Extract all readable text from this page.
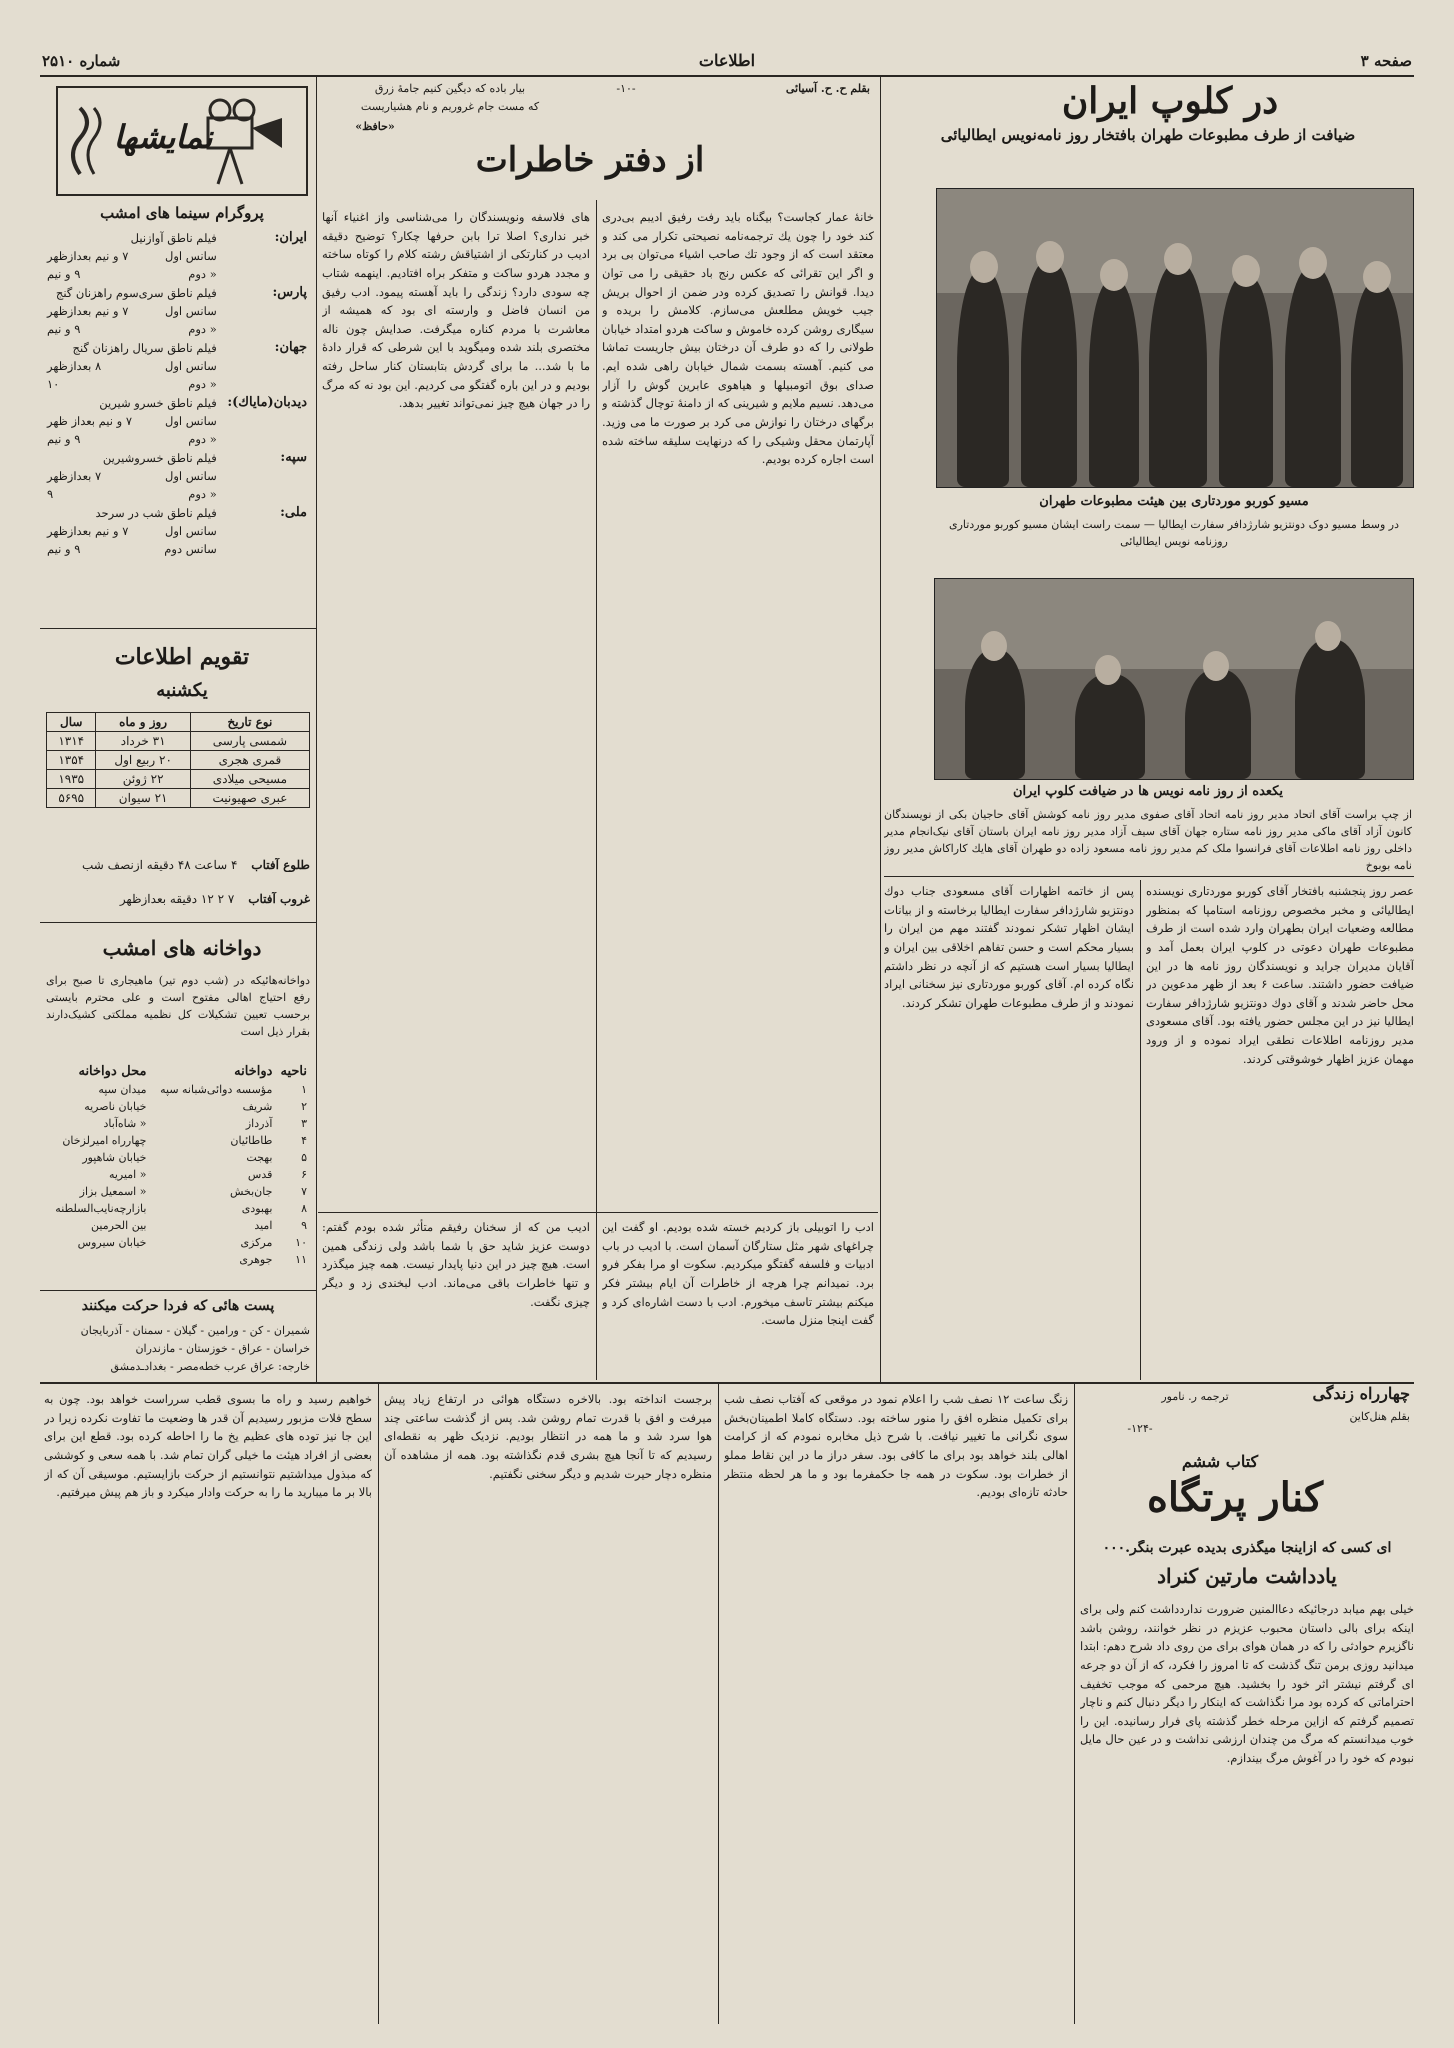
صفحه ۳
اطلاعات
شماره ۲۵۱۰
در کلوپ ایران
ضیافت از طرف مطبوعات طهران بافتخار روز نامه‌نویس ایطالیائی
مسیو کوربو موردتاری بین هیئت مطبوعات طهران
در وسط مسیو دوک دونتزیو شارژدافر سفارت ایطالیا — سمت راست ایشان مسیو کوربو موردتاری روزنامه نویس ایطالیائی
یکعده از روز نامه نویس ها در ضیافت کلوپ ایران
از چپ براست آقای اتحاد مدیر روز نامه اتحاد آقای صفوی مدیر روز نامه کوشش آقای حاجیان بکی از نویسندگان کانون آزاد آقای ماکی مدیر روز نامه ستاره جهان آقای سیف آزاد مدیر روز نامه ایران باستان آقای نیک‌انجام مدیر داخلی روز نامه اطلاعات آقای فرانسوا ملک کم مدیر روز نامه مسعود زاده دو طهران آقای هایك کاراکاش مدیر روز نامه بوبوخ
عصر روز پنجشنبه بافتخار آقای کوربو موردتاری نویسنده ایطالیائی و مخبر مخصوص روزنامه استامپا که بمنظور مطالعه وضعیات ایران بطهران وارد شده است از طرف مطبوعات طهران دعوتی در کلوپ ایران بعمل آمد و آقایان مدیران جراید و نویسندگان روز نامه ها در این ضیافت حضور داشتند. ساعت ۶ بعد از ظهر مدعوین در محل حاضر شدند و آقای دوك دونتزیو شارژدافر سفارت ایطالیا نیز در این مجلس حضور یافته بود. آقای مسعودی مدیر روزنامه اطلاعات نطقی ایراد نموده و از ورود مهمان عزیز اظهار خوشوقتی کردند.
پس از خاتمه اظهارات آقای مسعودی جناب دوك دونتزیو شارژدافر سفارت ایطالیا برخاسته و از بیانات ایشان اظهار تشکر نمودند گفتند مهم من ایران را بسیار محکم است و حسن تفاهم اخلاقی بین ایران و ایطالیا بسیار است هستیم که از آنچه در نظر داشتم نگاه کرده ام. آقای کوربو موردتاری نیز سخنانی ایراد نمودند و از طرف مطبوعات طهران تشکر کردند.
بیار باده که دیگین کنیم جامهٔ زرق
که مست جام غروریم و نام هشیاریست
«حافظ»
-۱۰-	بقلم ح. ح. آسیائی
از دفتر خاطرات
خانهٔ عمار کجاست؟ بیگناه باید رفت رفیق ادیبم بی‌دری کند خود را چون یك ترجمه‌نامه نصیحتی تکرار می کند و معتقد است که از وجود تك صاحب اشیاء می‌توان بی برد و اگر این تقرائی که عکس رنج باد حقیقی را می توان دیدا. قوانش را تصدیق کرده ودر ضمن از احوال بریش جیب خویش مطلعش می‌سازم. کلامش را بریده و سیگاری روشن کرده خاموش و ساکت هردو امتداد خیابان طولانی را که دو طرف آن درختان بیش جاریست تماشا می کنیم. آهسته بسمت شمال خیابان راهی شده ایم. صدای بوق اتومبیلها و هیاهوی عابرین گوش را آزار می‌دهد. نسیم ملایم و شیرینی که از دامنهٔ توچال گذشته و برگهای درختان را نوازش می کرد بر صورت ما می وزید. آپارتمان محقل وشیکی را که درنهایت سلیقه ساخته شده است اجاره کرده بودیم.
های فلاسفه ونویسندگان را می‌شناسی واز اغنیاء آنها خبر نداری؟ اصلا ترا بابن حرفها چکار؟ توضیح دقیقه ادیب در کنارتکی از اشتیاقش رشته کلام را کوتاه ساخته و مجدد هردو ساکت و متفکر براه افتادیم. اینهمه شتاب چه سودی دارد؟ زندگی را باید آهسته پیمود. ادب رفیق من انسان فاضل و وارسته ای بود که همیشه از معاشرت با مردم کناره میگرفت. صدایش چون ناله مختصری بلند شده ومیگوید با این شرطی که قرار دادهٔ ما با شد... ما برای گردش بتابستان کنار ساحل رفته بودیم و در این باره گفتگو می کردیم. این بود نه که مرگ را در جهان هیچ چیز نمی‌تواند تغییر بدهد.
ادب را اتوبیلی باز کردیم خسته شده بودیم. او گفت این چراغهای شهر مثل ستارگان آسمان است. با ادیب در باب ادبیات و فلسفه گفتگو میکردیم. سکوت او مرا بفکر فرو برد. نمیدانم چرا هرچه از خاطرات آن ایام بیشتر فکر میکنم بیشتر تاسف میخورم. ادب با دست اشاره‌ای کرد و گفت اینجا منزل ماست.
ادیب من که از سخنان رفیقم متأثر شده بودم گفتم: دوست عزیز شاید حق با شما باشد ولی زندگی همین است. هیچ چیز در این دنیا پایدار نیست. همه چیز میگذرد و تنها خاطرات باقی می‌ماند. ادب لبخندی زد و دیگر چیزی نگفت.
نمایشها
پروگرام سینما های امشب
ایران:	فیلم ناطق آوازنیل	
	سانس اول	۷ و نیم بعدازظهر
	« دوم	۹ و نیم
پارس:	فیلم ناطق سری‌سوم راهزنان گنج	
	سانس اول	۷ و نیم بعدازظهر
	« دوم	۹ و نیم
جهان:	فیلم ناطق سریال راهزنان گنج	
	سانس اول	۸ بعدازظهر
	« دوم	۱۰
دیدبان(مایاك):	فیلم ناطق خسرو شیرین	
	سانس اول	۷ و نیم بعداز ظهر
	« دوم	۹ و نیم
سپه:	فیلم ناطق خسروشیرین	
	سانس اول	۷ بعدازظهر
	« دوم	۹
ملی:	فیلم ناطق شب در سرحد	
	سانس اول	۷ و نیم بعدازظهر
	سانس دوم	۹ و نیم
تقویم اطلاعات
یکشنبه
نوع تاریخ	روز و ماه	سال
شمسی پارسی	۳۱ خرداد	۱۳۱۴
قمری هجری	۲۰ ربیع اول	۱۳۵۴
مسیحی میلادی	۲۲ ژوئن	۱۹۳۵
عبری صهیونیت	۲۱ سیوان	۵۶۹۵
طلوع آفتاب ۴ ساعت ۴۸ دقیقه ازنصف شب
غروب آفتاب ۷ ۲ ۱۲ دقیقه بعدازظهر
دواخانه های امشب
دواخانه‌هائیکه در (شب دوم تیر) ماهیجاری تا صبح برای رفع احتیاج اهالی مفتوح است و علی محترم بایستی برحسب تعیین تشکیلات کل نظمیه مملکتی کشیک‌دارند بقرار ذیل است
ناحیه	دواخانه	محل دواخانه
۱	مؤسسه دوائی‌شبانه سپه	میدان سپه
۲	شریف	خیابان ناصریه
۳	آذرداز	« شاه‌آباد
۴	طاطائیان	چهارراه امیرلزخان
۵	بهجت	خیابان شاهپور
۶	قدس	« امیریه
۷	جان‌بخش	« اسمعیل بزاز
۸	بهبودی	بازارچه‌نایب‌السلطنه
۹	امید	بین الحرمین
۱۰	مرکزی	خیابان سیروس
۱۱	جوهری	
پست هائی که فردا حرکت میکنند
شمیران - کن - ورامین - گیلان - سمنان - آذربایجان
خراسان - عراق - خوزستان - مازندران
خارجه: عراق عرب خطه‌مصر - بغدادـدمشق
چهارراه زندگی
ترجمه ر. نامور
بقلم هنل‌کاین
-۱۲۴-
کتاب ششم
کنار پرتگاه
ای کسی که ازاینجا میگذری بدیده عبرت بنگر.۰۰۰
یادداشت مارتین کنراد
خیلی بهم میابد درجائیکه دعاالمنین ضرورت نداردداشت کنم ولی برای اینکه برای بالی داستان محبوب عزیزم در نظر خوانند، روشن باشد ناگزیرم حوادثی را که در همان هوای برای من روی داد شرح دهم: ابتدا میدانید روزی برمن تنگ گذشت که تا امروز را فکرد، که از آن دو جرعه ای گرفتم نیشتر اثر خود را بخشید. هیچ مرحمی که موجب تخفیف احتراماتی که کرده بود مرا نگذاشت که اینکار را دیگر دنبال کنم و ناچار تصمیم گرفتم که ازاین مرحله خطر گذشته پای فرار رسانیده. این را خوب میدانستم که مرگ من چندان ارزشی نداشت و در عین حال مایل نبودم که خود را در آغوش مرگ بیندازم.
زنگ ساعت ۱۲ نصف شب را اعلام نمود در موقعی که آفتاب نصف شب برای تکمیل منظره افق را منور ساخته بود. دستگاه کاملا اطمینان‌بخش سوی نگرانی ما تغییر نیافت. با شرح ذیل مخابره نمودم که از کرامت اهالی بلند خواهد بود برای ما کافی بود. سفر دراز ما در این نقاط مملو از خطرات بود. سکوت در همه جا حکمفرما بود و ما هر لحظه منتظر حادثه تازه‌ای بودیم.
برجست انداخته بود. بالاخره دستگاه هوائی در ارتفاع زیاد پیش میرفت و افق با قدرت تمام روشن شد. پس از گذشت ساعتی چند هوا سرد شد و ما همه در انتظار بودیم. نزدیک ظهر به نقطه‌ای رسیدیم که تا آنجا هیچ بشری قدم نگذاشته بود. همه از مشاهده آن منظره دچار حیرت شدیم و دیگر سخنی نگفتیم.
خواهیم رسید و راه ما بسوی قطب سرراست خواهد بود. چون به سطح فلات مزبور رسیدیم آن قدر ها وضعیت ما تفاوت نکرده زیرا در این جا نیز توده های عظیم یخ ما را احاطه کرده بود. قطع این برای بعضی از افراد هیئت ما خیلی گران تمام شد. با همه سعی و کوششی که مبذول میداشتیم نتوانستیم از حرکت بازایستیم. موسیقی آن که از بالا بر ما میبارید ما را به حرکت وادار میکرد و باز هم پیش میرفتیم.
